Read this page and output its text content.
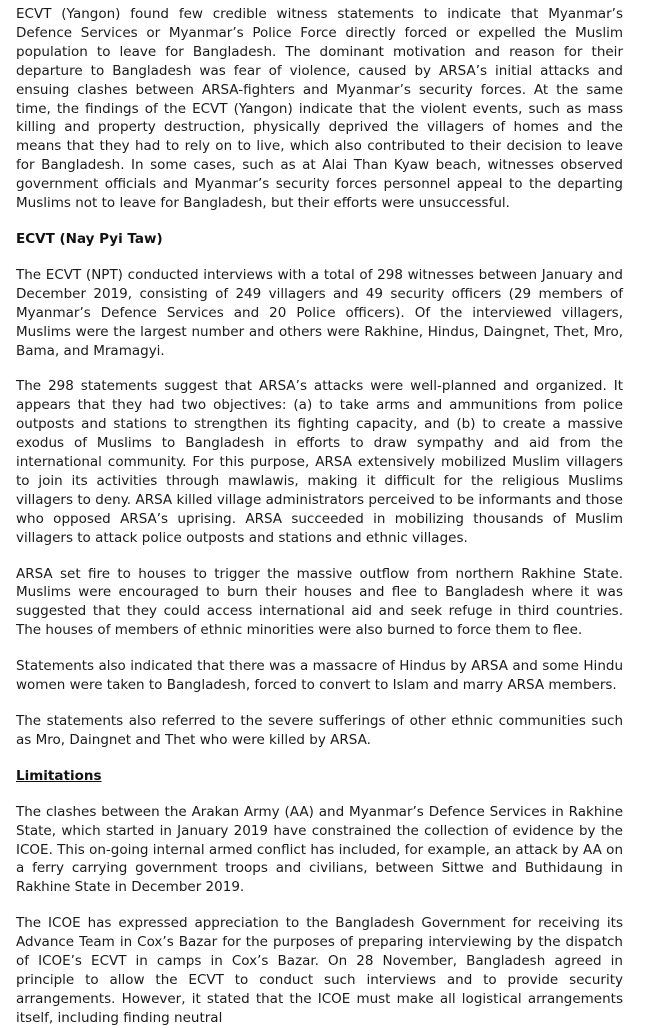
ECVT (Yangon) found few credible witness statements to indicate that Myanmar’s Defence Services or Myanmar’s Police Force directly forced or expelled the Muslim population to leave for Bangladesh. The dominant motivation and reason for their departure to Bangladesh was fear of violence, caused by ARSA’s initial attacks and ensuing clashes between ARSA-fighters and Myanmar’s security forces. At the same time, the findings of the ECVT (Yangon) indicate that the violent events, such as mass killing and property destruction, physically deprived the villagers of homes and the means that they had to rely on to live, which also contributed to their decision to leave for Bangladesh. In some cases, such as at Alai Than Kyaw beach, witnesses observed government officials and Myanmar’s security forces personnel appeal to the departing Muslims not to leave for Bangladesh, but their efforts were unsuccessful.

ECVT (Nay Pyi Taw)

The ECVT (NPT) conducted interviews with a total of 298 witnesses between January and December 2019, consisting of 249 villagers and 49 security officers (29 members of Myanmar’s Defence Services and 20 Police officers). Of the interviewed villagers, Muslims were the largest number and others were Rakhine, Hindus, Daingnet, Thet, Mro, Bama, and Mramagyi.

The 298 statements suggest that ARSA’s attacks were well-planned and organized. It appears that they had two objectives: (a) to take arms and ammunitions from police outposts and stations to strengthen its fighting capacity, and (b) to create a massive exodus of Muslims to Bangladesh in efforts to draw sympathy and aid from the international community. For this purpose, ARSA extensively mobilized Muslim villagers to join its activities through mawlawis, making it difficult for the religious Muslims villagers to deny. ARSA killed village administrators perceived to be informants and those who opposed ARSA’s uprising. ARSA succeeded in mobilizing thousands of Muslim villagers to attack police outposts and stations and ethnic villages.

ARSA set fire to houses to trigger the massive outflow from northern Rakhine State. Muslims were encouraged to burn their houses and flee to Bangladesh where it was suggested that they could access international aid and seek refuge in third countries. The houses of members of ethnic minorities were also burned to force them to flee.

Statements also indicated that there was a massacre of Hindus by ARSA and some Hindu women were taken to Bangladesh, forced to convert to Islam and marry ARSA members.

The statements also referred to the severe sufferings of other ethnic communities such as Mro, Daingnet and Thet who were killed by ARSA.

Limitations

The clashes between the Arakan Army (AA) and Myanmar’s Defence Services in Rakhine State, which started in January 2019 have constrained the collection of evidence by the ICOE. This on-going internal armed conflict has included, for example, an attack by AA on a ferry carrying government troops and civilians, between Sittwe and Buthidaung in Rakhine State in December 2019.

The ICOE has expressed appreciation to the Bangladesh Government for receiving its Advance Team in Cox’s Bazar for the purposes of preparing interviewing by the dispatch of ICOE’s ECVT in camps in Cox’s Bazar. On 28 November, Bangladesh agreed in principle to allow the ECVT to conduct such interviews and to provide security arrangements. However, it stated that the ICOE must make all logistical arrangements itself, including finding neutral
